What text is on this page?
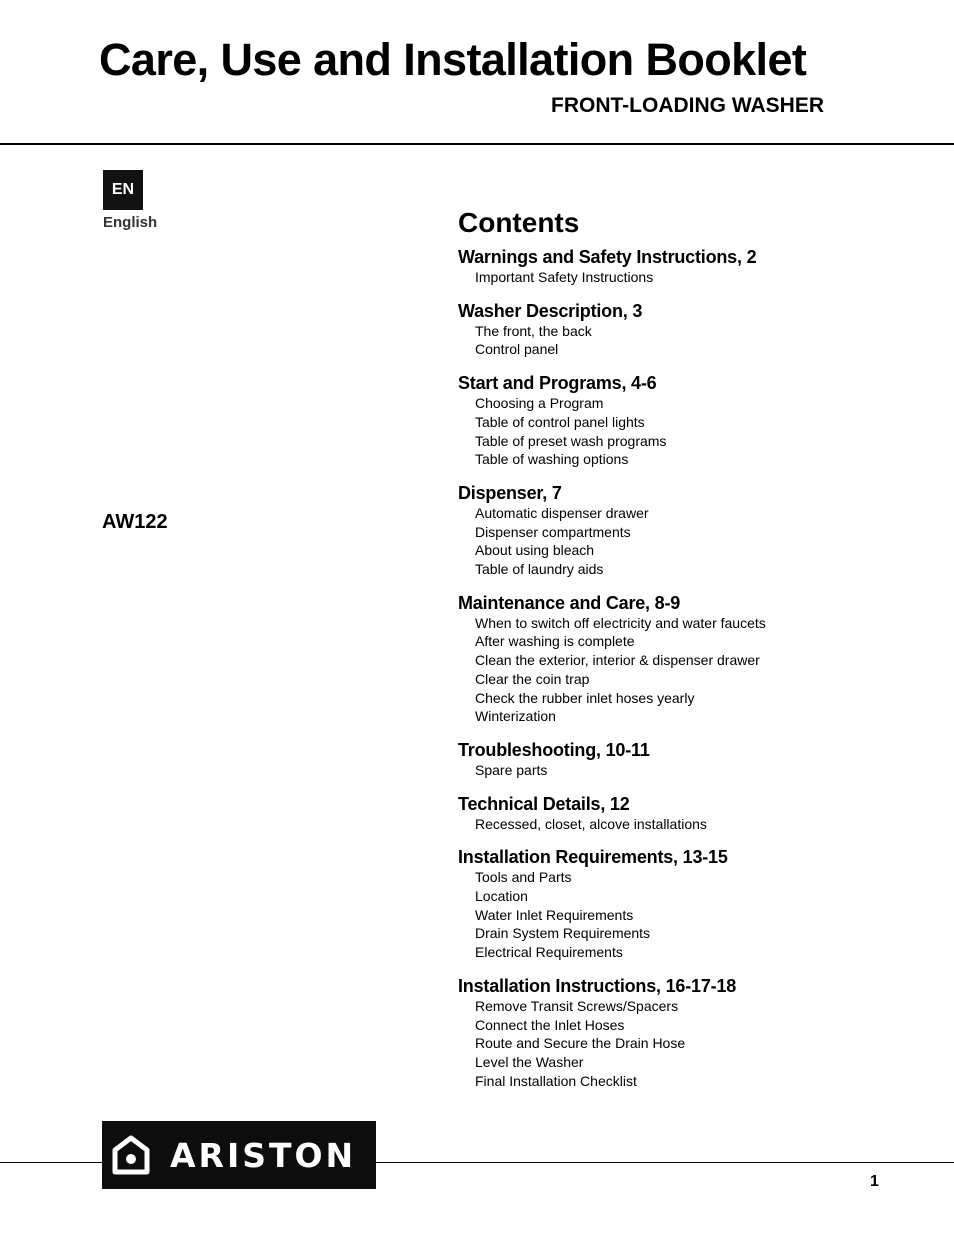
Care, Use and Installation Booklet
FRONT-LOADING WASHER
EN
English
AW122
Contents
Warnings and Safety Instructions, 2
Important Safety Instructions
Washer Description, 3
The front, the back
Control panel
Start and Programs, 4-6
Choosing a Program
Table of control panel lights
Table of preset wash programs
Table of washing options
Dispenser, 7
Automatic dispenser drawer
Dispenser compartments
About using bleach
Table of laundry aids
Maintenance and Care, 8-9
When to switch off electricity and water faucets
After washing is complete
Clean the exterior, interior & dispenser drawer
Clear the coin trap
Check the rubber inlet hoses yearly
Winterization
Troubleshooting, 10-11
Spare parts
Technical Details, 12
Recessed, closet, alcove installations
Installation Requirements, 13-15
Tools and Parts
Location
Water Inlet Requirements
Drain System Requirements
Electrical Requirements
Installation Instructions, 16-17-18
Remove Transit Screws/Spacers
Connect the Inlet Hoses
Route and Secure the Drain Hose
Level the Washer
Final Installation Checklist
ARISTON
1
